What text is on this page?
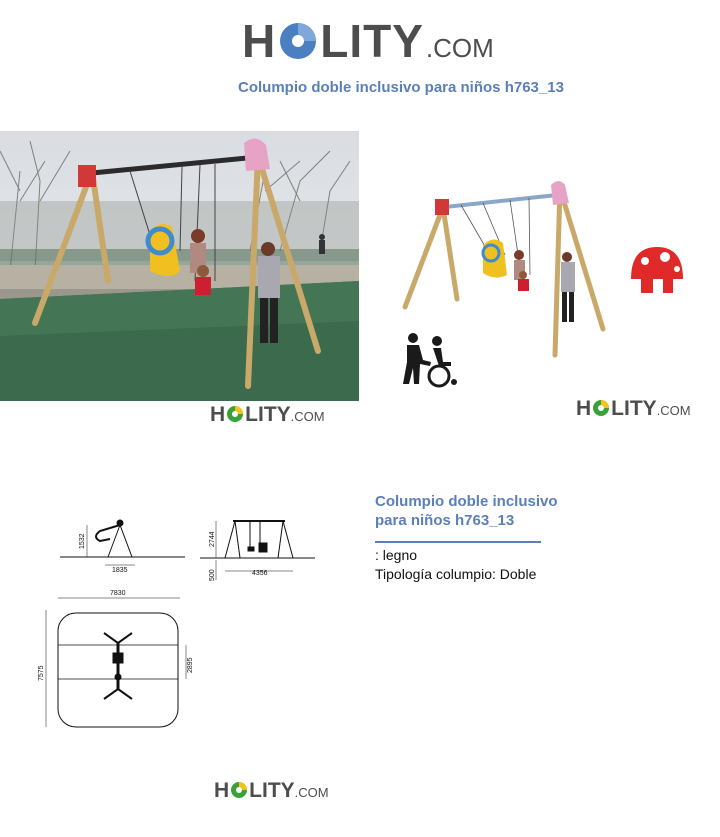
H LITY .COM
Columpio doble inclusivo para niños h763_13
H LITY .COM	H LITY .COM
1532
1835
2744
500	4356
7830
7575
2895
Columpio doble inclusivo
para niños h763_13
: legno
Tipología columpio: Doble
H LITY .COM
